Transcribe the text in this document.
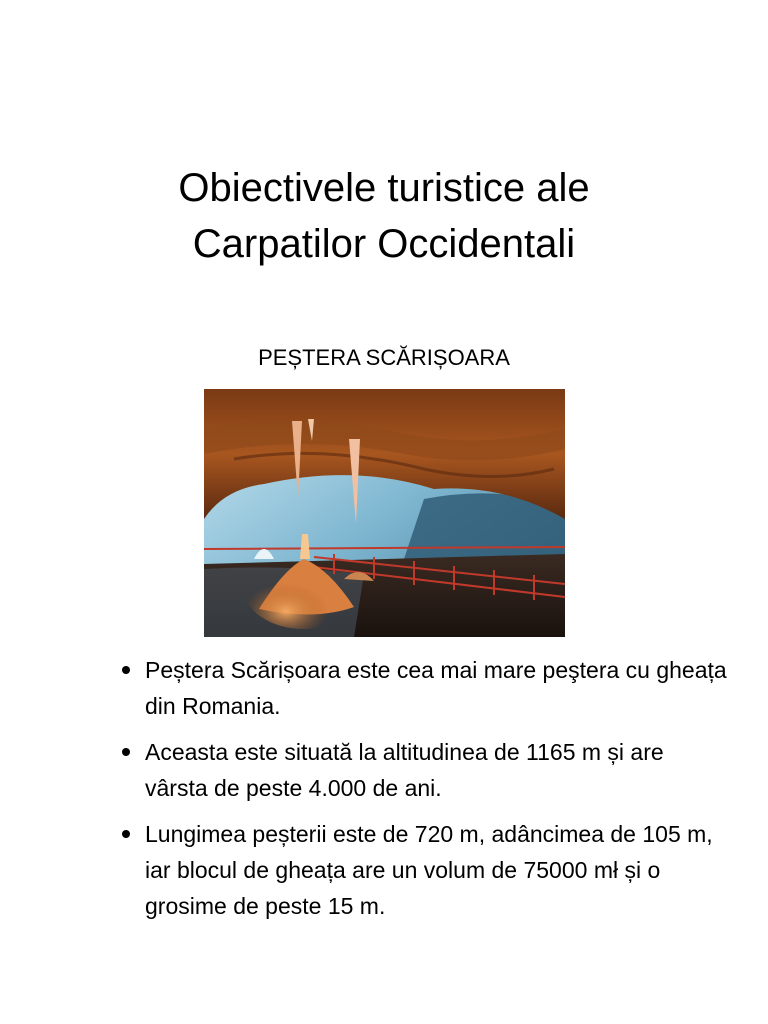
Obiectivele turistice ale
Carpatilor Occidentali
PEȘTERA SCĂRIȘOARA
Peștera Scărișoara este cea mai mare peştera cu gheața din Romania.
Aceasta este situată la altitudinea de 1165 m și are vârsta de peste 4.000 de ani.
Lungimea peșterii este de 720 m, adâncimea de 105 m, iar blocul de gheața are un volum de 75000 mł și o grosime de peste 15 m.
